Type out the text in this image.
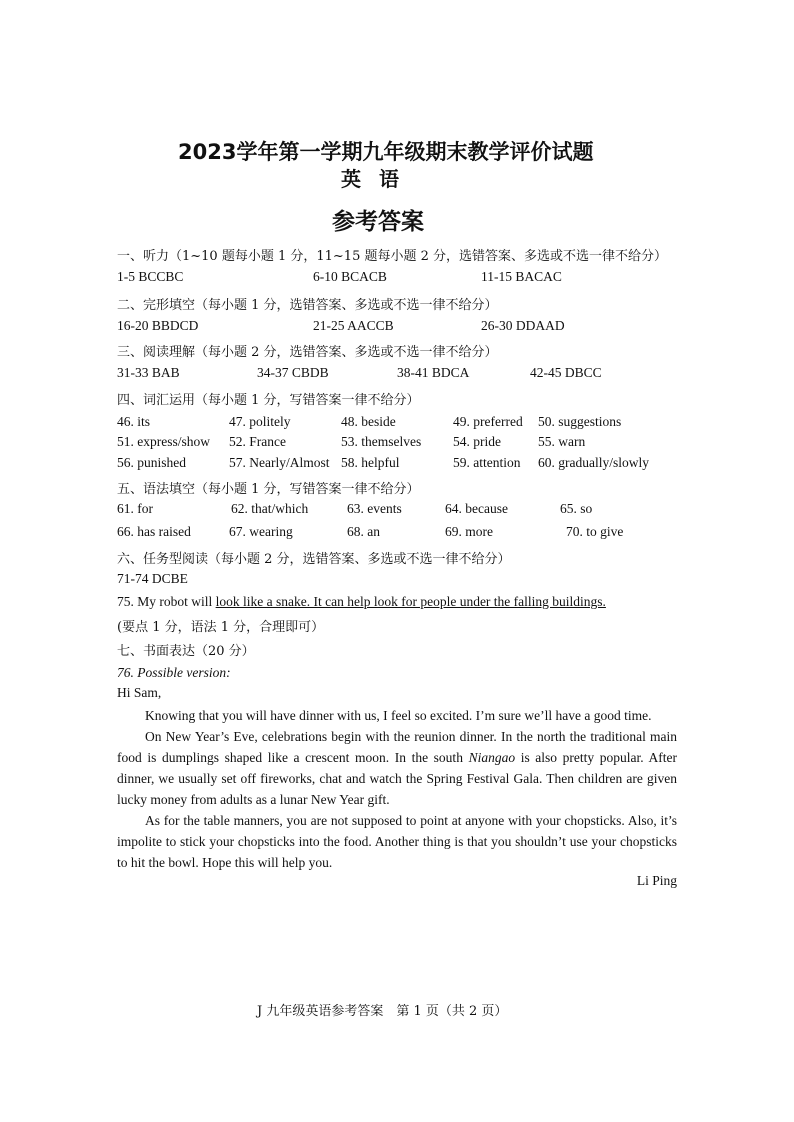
2023学年第一学期九年级期末教学评价试题
英语
参考答案
一、听力（1~10 题每小题 1 分，11~15 题每小题 2 分，选错答案、多选或不选一律不给分）
1-5 BCCBC	6-10 BCACB	11-15 BACAC
二、完形填空（每小题 1 分，选错答案、多选或不选一律不给分）
16-20 BBDCD	21-25 AACCB	26-30 DDAAD
三、阅读理解（每小题 2 分，选错答案、多选或不选一律不给分）
31-33 BAB	34-37 CBDB	38-41 BDCA	42-45 DBCC
四、词汇运用（每小题 1 分，写错答案一律不给分）
46. its	47. politely	48. beside	49. preferred 50. suggestions
51. express/show 52. France	53. themselves 54. pride	55. warn
56. punished	57. Nearly/Almost 58. helpful	59. attention 60. gradually/slowly
五、语法填空（每小题 1 分，写错答案一律不给分）
61. for	62. that/which	63. events	64. because	65. so
66. has raised	67. wearing	68. an	69. more	70. to give
六、任务型阅读（每小题 2 分，选错答案、多选或不选一律不给分）
71-74 DCBE
75. My robot will look like a snake. It can help look for people under the falling buildings.
(要点 1 分，语法 1 分，合理即可）
七、书面表达（20 分）
76. Possible version:
Hi Sam,
Knowing that you will have dinner with us, I feel so excited. I’m sure we’ll have a good time.
On New Year’s Eve, celebrations begin with the reunion dinner. In the north the traditional main food is dumplings shaped like a crescent moon. In the south Niangao is also pretty popular. After dinner, we usually set off fireworks, chat and watch the Spring Festival Gala. Then children are given lucky money from adults as a lunar New Year gift.
As for the table manners, you are not supposed to point at anyone with your chopsticks. Also, it’s impolite to stick your chopsticks into the food. Another thing is that you shouldn’t use your chopsticks to hit the bowl. Hope this will help you.
Li Ping
J 九年级英语参考答案　第 1 页（共 2 页）
